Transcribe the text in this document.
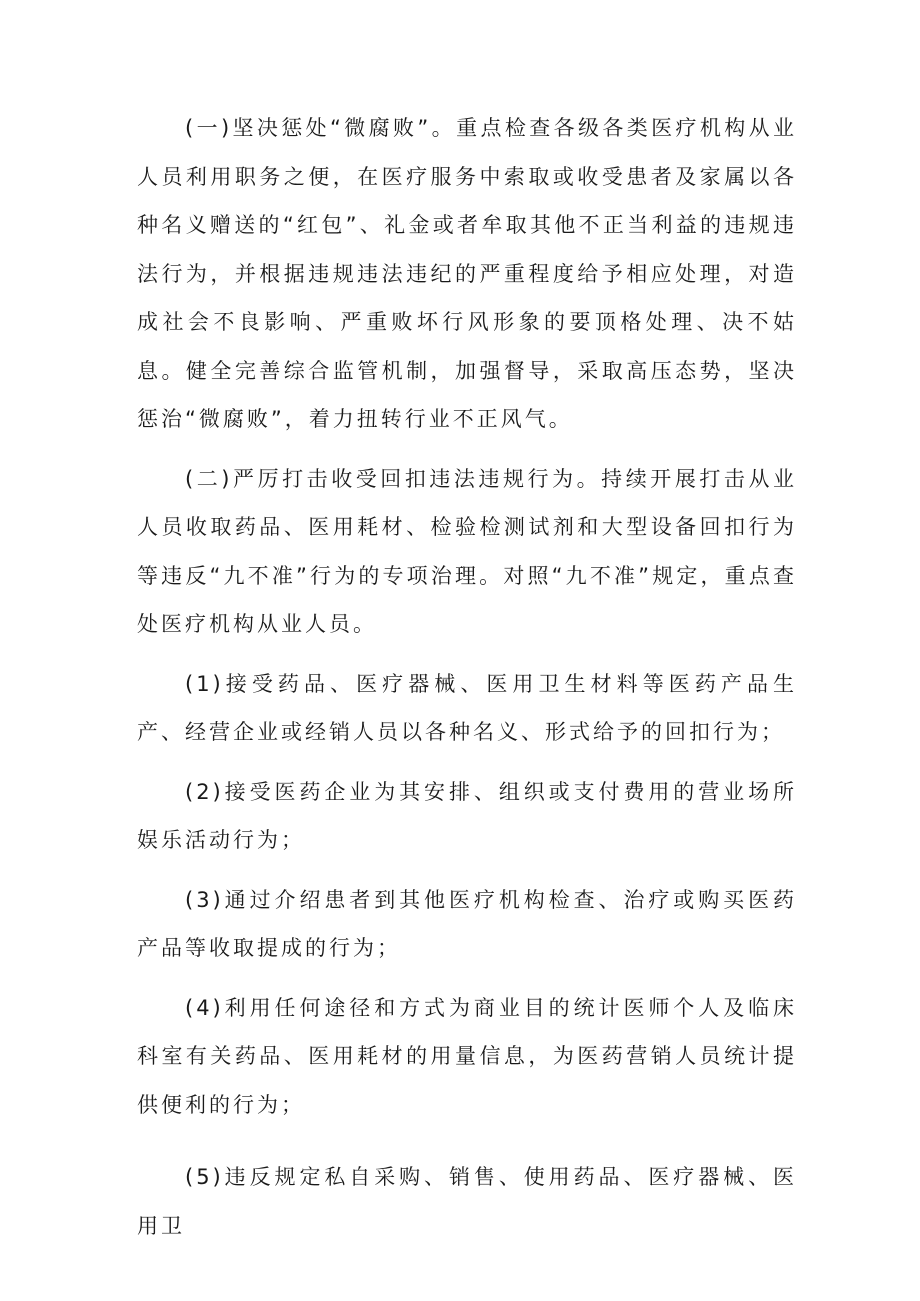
(一)坚决惩处“微腐败”。重点检查各级各类医疗机构从业人员利用职务之便，在医疗服务中索取或收受患者及家属以各种名义赠送的“红包”、礼金或者牟取其他不正当利益的违规违法行为，并根据违规违法违纪的严重程度给予相应处理，对造成社会不良影响、严重败坏行风形象的要顶格处理、决不姑息。健全完善综合监管机制，加强督导，采取高压态势，坚决惩治“微腐败”，着力扭转行业不正风气。

(二)严厉打击收受回扣违法违规行为。持续开展打击从业人员收取药品、医用耗材、检验检测试剂和大型设备回扣行为等违反“九不准”行为的专项治理。对照“九不准”规定，重点查处医疗机构从业人员。

(1)接受药品、医疗器械、医用卫生材料等医药产品生产、经营企业或经销人员以各种名义、形式给予的回扣行为；

(2)接受医药企业为其安排、组织或支付费用的营业场所娱乐活动行为；

(3)通过介绍患者到其他医疗机构检查、治疗或购买医药产品等收取提成的行为；

(4)利用任何途径和方式为商业目的统计医师个人及临床科室有关药品、医用耗材的用量信息，为医药营销人员统计提供便利的行为；

(5)违反规定私自采购、销售、使用药品、医疗器械、医用卫
